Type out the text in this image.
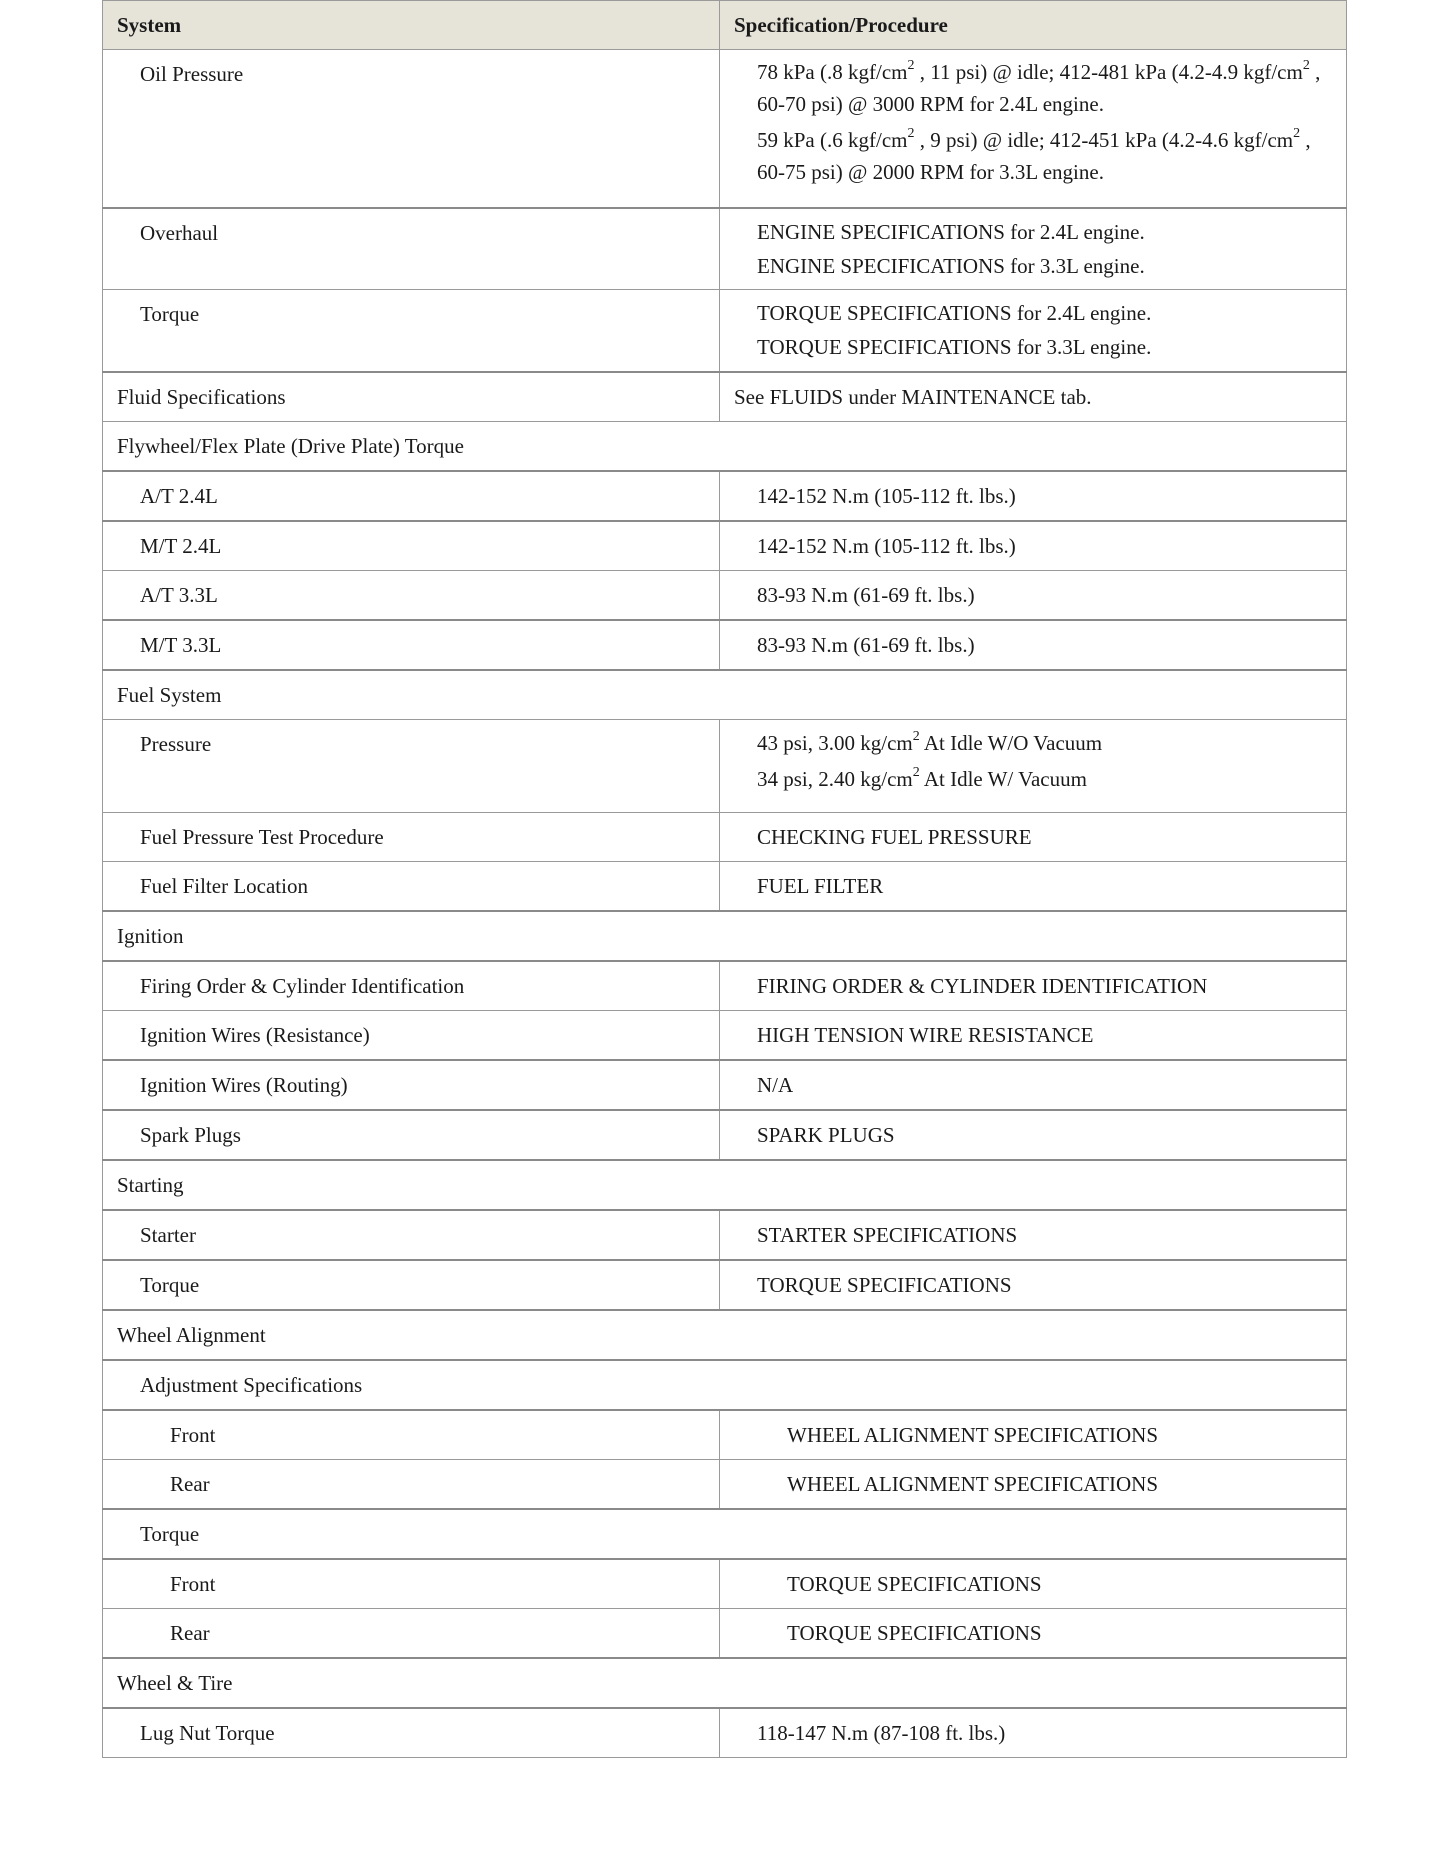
System	Specification/Procedure
Oil Pressure	78 kPa (.8 kgf/$cm^2$ , 11 psi) @ idle; 412-481 kPa (4.2-4.9 kgf/$cm^2$ , 60-70 psi) @ 3000 RPM for 2.4L engine.
59 kPa (.6 kgf/$cm^2$ , 9 psi) @ idle; 412-451 kPa (4.2-4.6 kgf/$cm^2$ , 60-75 psi) @ 2000 RPM for 3.3L engine.

Overhaul	ENGINE SPECIFICATIONS for 2.4L engine.
ENGINE SPECIFICATIONS for 3.3L engine.

Torque	TORQUE SPECIFICATIONS for 2.4L engine.
TORQUE SPECIFICATIONS for 3.3L engine.

Fluid Specifications	See FLUIDS under MAINTENANCE tab.
Flywheel/Flex Plate (Drive Plate) Torque	
A/T 2.4L	142-152 N.m (105-112 ft. lbs.)
M/T 2.4L	142-152 N.m (105-112 ft. lbs.)
A/T 3.3L	83-93 N.m (61-69 ft. lbs.)
M/T 3.3L	83-93 N.m (61-69 ft. lbs.)
Fuel System	
Pressure	43 psi, 3.00 $kg/cm^2$ At Idle W/O Vacuum
34 psi, 2.40 $kg/cm^2$ At Idle W/ Vacuum

Fuel Pressure Test Procedure	CHECKING FUEL PRESSURE
Fuel Filter Location	FUEL FILTER
Ignition	
Firing Order & Cylinder Identification	FIRING ORDER & CYLINDER IDENTIFICATION
Ignition Wires (Resistance)	HIGH TENSION WIRE RESISTANCE
Ignition Wires (Routing)	N/A
Spark Plugs	SPARK PLUGS
Starting	
Starter	STARTER SPECIFICATIONS
Torque	TORQUE SPECIFICATIONS
Wheel Alignment	
Adjustment Specifications	
Front	WHEEL ALIGNMENT SPECIFICATIONS
Rear	WHEEL ALIGNMENT SPECIFICATIONS
Torque	
Front	TORQUE SPECIFICATIONS
Rear	TORQUE SPECIFICATIONS
Wheel & Tire	
Lug Nut Torque	118-147 N.m (87-108 ft. lbs.)
